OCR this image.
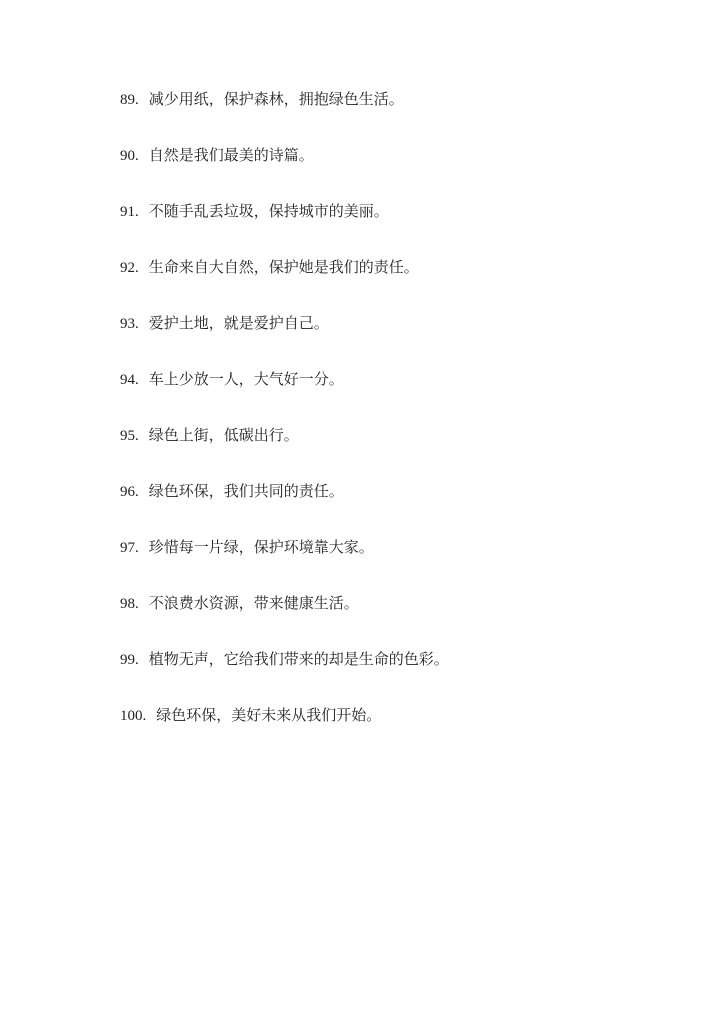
89. 减少用纸，保护森林，拥抱绿色生活。
90. 自然是我们最美的诗篇。
91. 不随手乱丢垃圾，保持城市的美丽。
92. 生命来自大自然，保护她是我们的责任。
93. 爱护土地，就是爱护自己。
94. 车上少放一人，大气好一分。
95. 绿色上街，低碳出行。
96. 绿色环保，我们共同的责任。
97. 珍惜每一片绿，保护环境靠大家。
98. 不浪费水资源，带来健康生活。
99. 植物无声，它给我们带来的却是生命的色彩。
100. 绿色环保，美好未来从我们开始。
